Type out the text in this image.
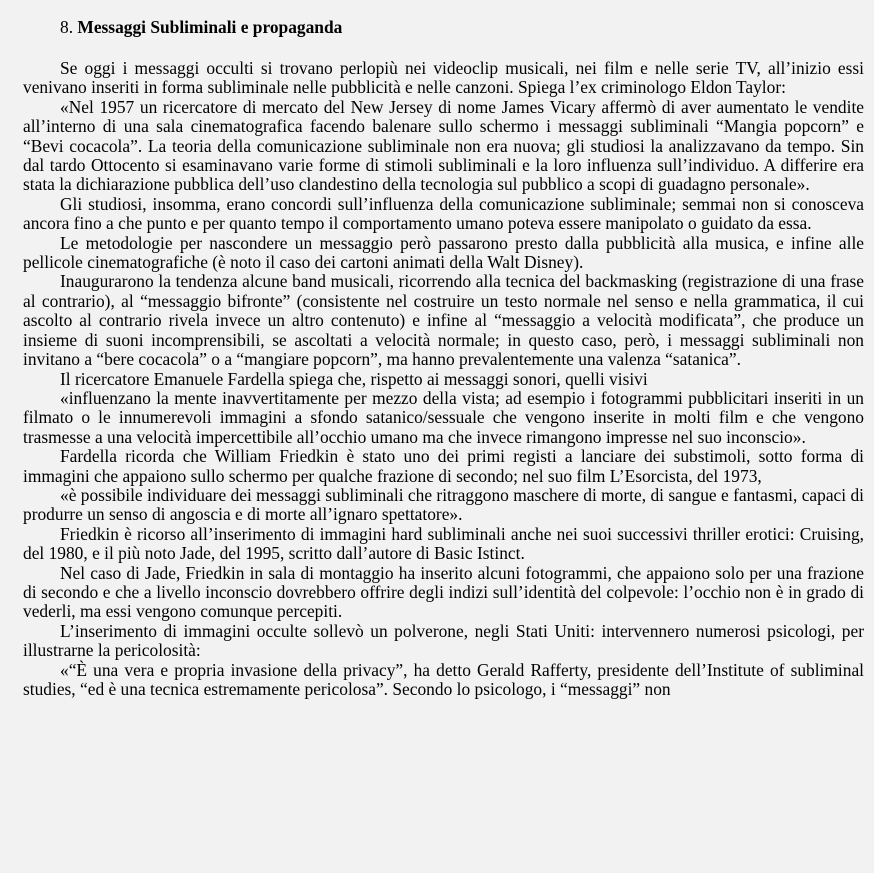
8. Messaggi Subliminali e propaganda

Se oggi i messaggi occulti si trovano perlopiù nei videoclip musicali, nei film e nelle serie TV, all’inizio essi venivano inseriti in forma subliminale nelle pubblicità e nelle canzoni. Spiega l’ex criminologo Eldon Taylor:

«Nel 1957 un ricercatore di mercato del New Jersey di nome James Vicary affermò di aver aumentato le vendite all’interno di una sala cinematografica facendo balenare sullo schermo i messaggi subliminali “Mangia popcorn” e “Bevi cocacola”. La teoria della comunicazione subliminale non era nuova; gli studiosi la analizzavano da tempo. Sin dal tardo Ottocento si esaminavano varie forme di stimoli subliminali e la loro influenza sull’individuo. A differire era stata la dichiarazione pubblica dell’uso clandestino della tecnologia sul pubblico a scopi di guadagno personale».

Gli studiosi, insomma, erano concordi sull’influenza della comunicazione subliminale; semmai non si conosceva ancora fino a che punto e per quanto tempo il comportamento umano poteva essere manipolato o guidato da essa.

Le metodologie per nascondere un messaggio però passarono presto dalla pubblicità alla musica, e infine alle pellicole cinematografiche (è noto il caso dei cartoni animati della Walt Disney).

Inaugurarono la tendenza alcune band musicali, ricorrendo alla tecnica del backmasking (registrazione di una frase al contrario), al “messaggio bifronte” (consistente nel costruire un testo normale nel senso e nella grammatica, il cui ascolto al contrario rivela invece un altro contenuto) e infine al “messaggio a velocità modificata”, che produce un insieme di suoni incomprensibili, se ascoltati a velocità normale; in questo caso, però, i messaggi subliminali non invitano a “bere cocacola” o a “mangiare popcorn”, ma hanno prevalentemente una valenza “satanica”.

Il ricercatore Emanuele Fardella spiega che, rispetto ai messaggi sonori, quelli visivi

«influenzano la mente inavvertitamente per mezzo della vista; ad esempio i fotogrammi pubblicitari inseriti in un filmato o le innumerevoli immagini a sfondo satanico/sessuale che vengono inserite in molti film e che vengono trasmesse a una velocità impercettibile all’occhio umano ma che invece rimangono impresse nel suo inconscio».

Fardella ricorda che William Friedkin è stato uno dei primi registi a lanciare dei substimoli, sotto forma di immagini che appaiono sullo schermo per qualche frazione di secondo; nel suo film L’Esorcista, del 1973,

«è possibile individuare dei messaggi subliminali che ritraggono maschere di morte, di sangue e fantasmi, capaci di produrre un senso di angoscia e di morte all’ignaro spettatore».

Friedkin è ricorso all’inserimento di immagini hard subliminali anche nei suoi successivi thriller erotici: Cruising, del 1980, e il più noto Jade, del 1995, scritto dall’autore di Basic Istinct.

Nel caso di Jade, Friedkin in sala di montaggio ha inserito alcuni fotogrammi, che appaiono solo per una frazione di secondo e che a livello inconscio dovrebbero offrire degli indizi sull’identità del colpevole: l’occhio non è in grado di vederli, ma essi vengono comunque percepiti.

L’inserimento di immagini occulte sollevò un polverone, negli Stati Uniti: intervennero numerosi psicologi, per illustrarne la pericolosità:

«“È una vera e propria invasione della privacy”, ha detto Gerald Rafferty, presidente dell’Institute of subliminal studies, “ed è una tecnica estremamente pericolosa”. Secondo lo psicologo, i “messaggi” non
